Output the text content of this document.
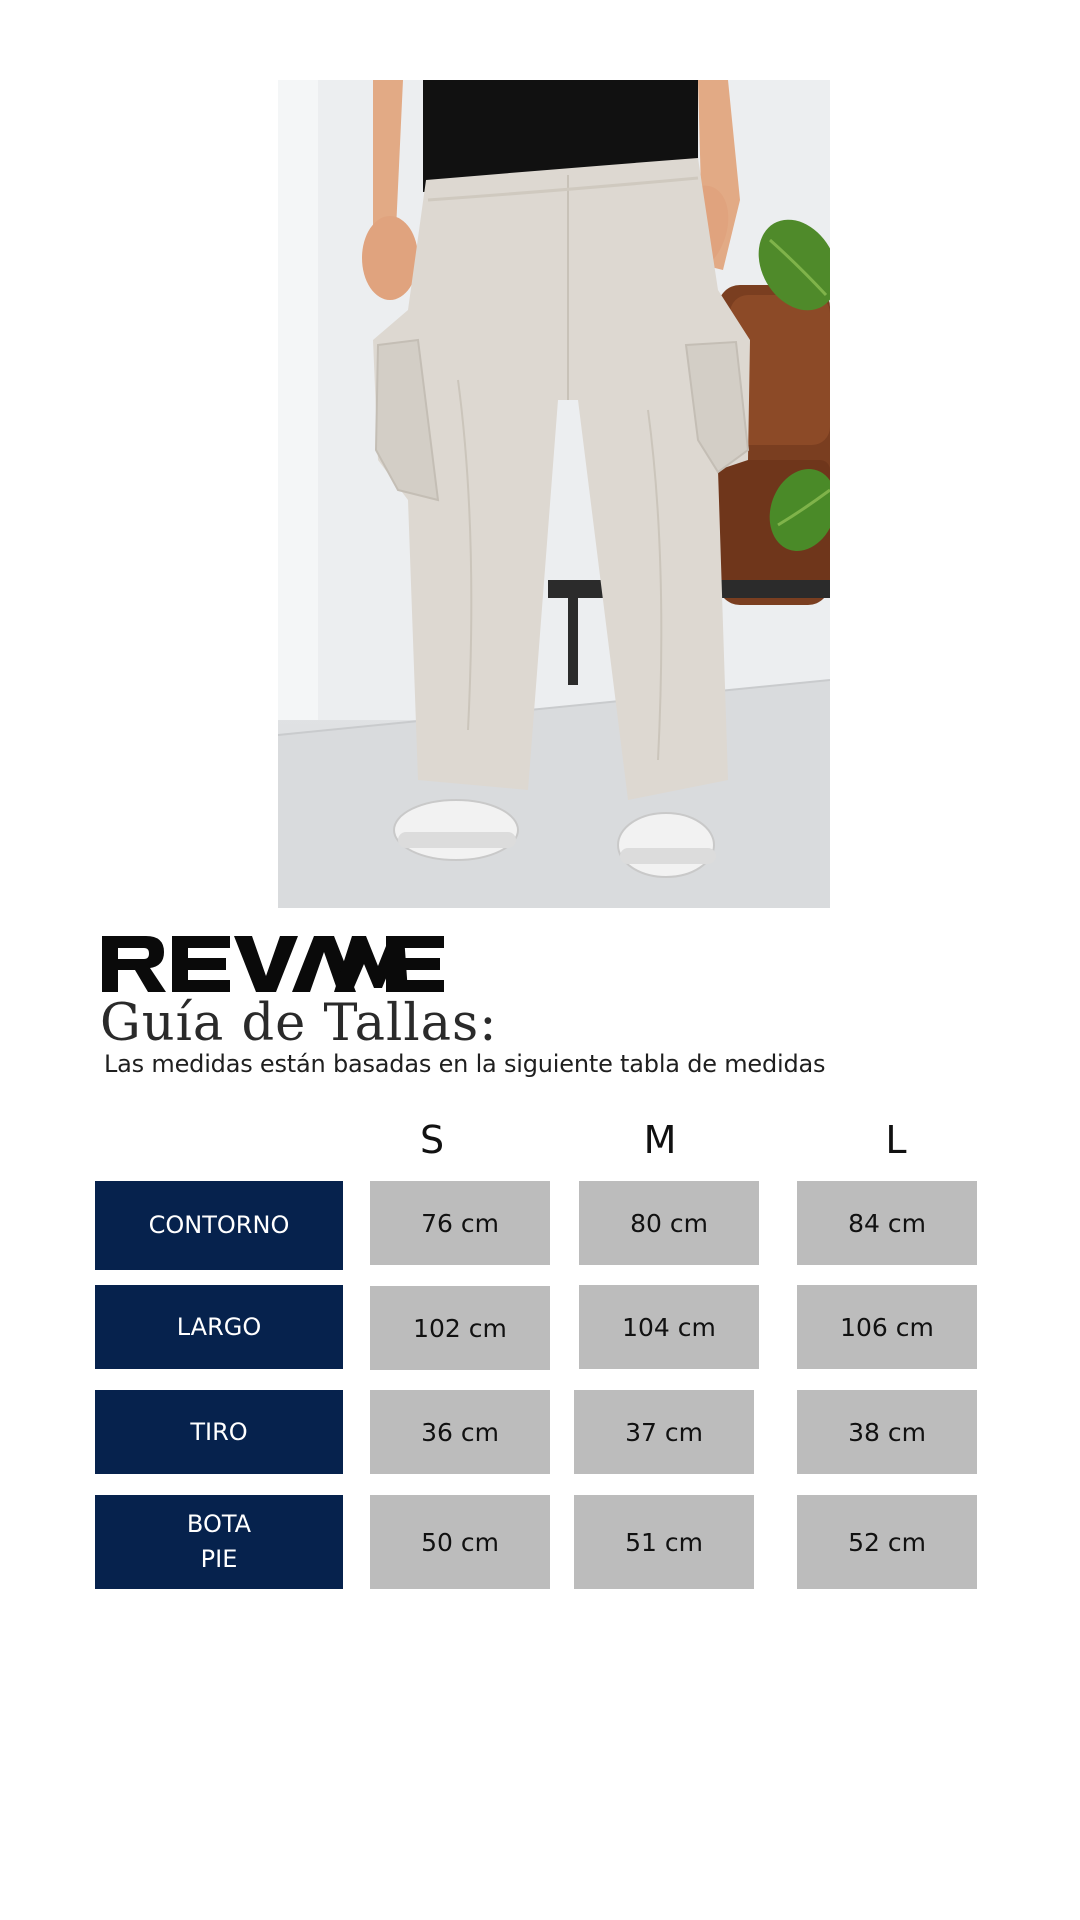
Guía de Tallas:
Las medidas están basadas en la siguiente tabla de medidas
S	M	L
CONTORNO	76 cm	80 cm	84 cm
LARGO	102 cm	104 cm	106 cm
TIRO	36 cm	37 cm	38 cm
BOTA
PIE
50 cm	51 cm	52 cm
